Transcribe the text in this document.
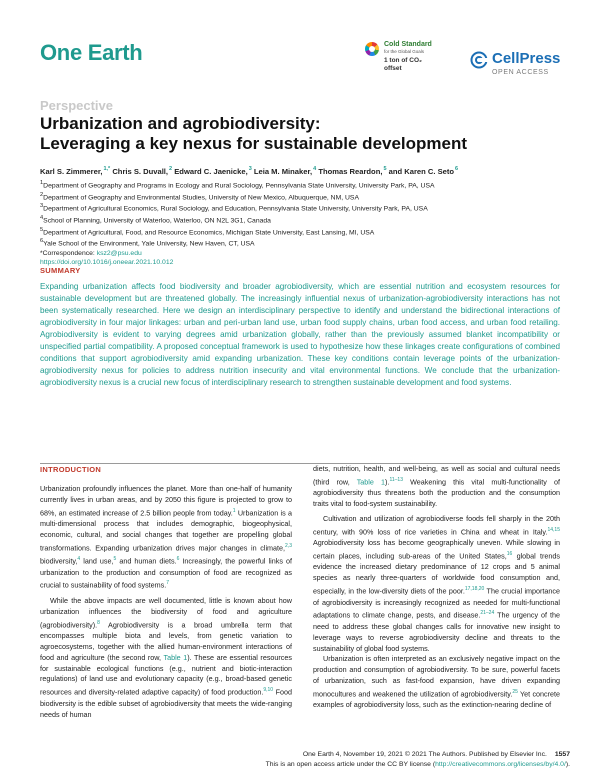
One Earth	Cold Standard
for the Global Goals
1 ton of CO₂ offset
CellPress
OPEN ACCESS
Perspective
Urbanization and agrobiodiversity:
Leveraging a key nexus for sustainable development
Karl S. Zimmerer,$^{1,*}$ Chris S. Duvall,$^2$ Edward C. Jaenicke,$^3$ Leia M. Minaker,$^4$ Thomas Reardon,$^5$ and Karen C. Seto$^6$
$^1$Department of Geography and Programs in Ecology and Rural Sociology, Pennsylvania State University, University Park, PA, USA
$^2$Department of Geography and Environmental Studies, University of New Mexico, Albuquerque, NM, USA
$^3$Department of Agricultural Economics, Rural Sociology, and Education, Pennsylvania State University, University Park, PA, USA
$^4$School of Planning, University of Waterloo, Waterloo, ON N2L 3G1, Canada
$^5$Department of Agricultural, Food, and Resource Economics, Michigan State University, East Lansing, MI, USA
$^6$Yale School of the Environment, Yale University, New Haven, CT, USA
*Correspondence: ksz2@psu.edu
https://doi.org/10.1016/j.oneear.2021.10.012
SUMMARY
Expanding urbanization affects food biodiversity and broader agrobiodiversity, which are essential nutrition and ecosystem resources for sustainable development but are threatened globally. The increasingly influential nexus of urbanization-agrobiodiversity interactions has not been systematically researched. Here we design an interdisciplinary perspective to identify and understand the bidirectional interactions of agrobiodiversity in four major linkages: urban and peri-urban land use, urban food supply chains, urban food access, and urban food retailing. Agrobiodiversity is evident to varying degrees amid urbanization globally, rather than the previously assumed blanket incompatibility or unspecified partial compatibility. A proposed conceptual framework is used to hypothesize how these linkages create configurations of combined conditions that support agrobiodiversity amid expanding urbanization. These key conditions contain leverage points of the urbanization-agrobiodiversity nexus for policies to address nutrition insecurity and vital environmental functions. We conclude that the urbanization-agrobiodiversity nexus is a crucial new focus of interdisciplinary research to strengthen sustainable development and food systems.
INTRODUCTION

Urbanization profoundly influences the planet. More than one-half of humanity currently lives in urban areas, and by 2050 this figure is projected to grow to 68%, an estimated increase of 2.5 billion people from today.$^1$ Urbanization is a multi-dimensional process that includes demographic, biogeophysical, economic, cultural, and social changes that together are propelling global transformations. Expanding urbanization drives major changes in climate,$^{2,3}$ biodiversity,$^4$ land use,$^5$ and human diets.$^6$ Increasingly, the powerful links of urbanization to the production and consumption of food are recognized as crucial to sustainability of food systems.$^7$

While the above impacts are well documented, little is known about how urbanization influences the biodiversity of food and agriculture (agrobiodiversity).$^8$ Agrobiodiversity is a broad umbrella term that encompasses multiple biota and levels, from genetic variation to agroecosystems, together with the allied human-environment interactions of food and agriculture (the second row, Table 1). These are essential resources for sustainable ecological functions (e.g., nutrient and biotic-interaction regulations) of land use and evolutionary capacity (e.g., broad-based genetic resources and diversity-related adaptive capacity) of food production.$^{9,10}$ Food biodiversity is the edible subset of agrobiodiversity that meets the wide-ranging needs of human

diets, nutrition, health, and well-being, as well as social and cultural needs (third row, Table 1).$^{11-13}$ Weakening this vital multi-functionality of agrobiodiversity thus threatens both the production and the consumption traits vital to food-system sustainability.

Cultivation and utilization of agrobiodiverse foods fell sharply in the 20th century, with 90% loss of rice varieties in China and wheat in Italy.$^{14,15}$ Agrobiodiversity loss has become geographically uneven. While slowing in certain places, including sub-areas of the United States,$^{16}$ global trends evidence the increased dietary predominance of 12 crops and 5 animal species as nearly three-quarters of worldwide food consumption and, especially, in the low-diversity diets of the poor.$^{17,18,20}$ The crucial importance of agrobiodiversity is increasingly recognized as needed for multi-functional adaptations to climate change, pests, and disease.$^{21-24}$ The urgency of the need to address these global changes calls for innovative new insight to leverage ways to reverse agrobiodiversity decline and threats to the sustainability of global food systems.

Urbanization is often interpreted as an exclusively negative impact on the production and consumption of agrobiodiversity. To be sure, powerful facets of urbanization, such as fast-food expansion, have driven expanding monocultures and weakened the utilization of agrobiodiversity.$^{25}$ Yet concrete examples of agrobiodiversity loss, such as the extinction-nearing decline of

One Earth 4, November 19, 2021 © 2021 The Authors. Published by Elsevier Inc. 1557
This is an open access article under the CC BY license (http://creativecommons.org/licenses/by/4.0/).
